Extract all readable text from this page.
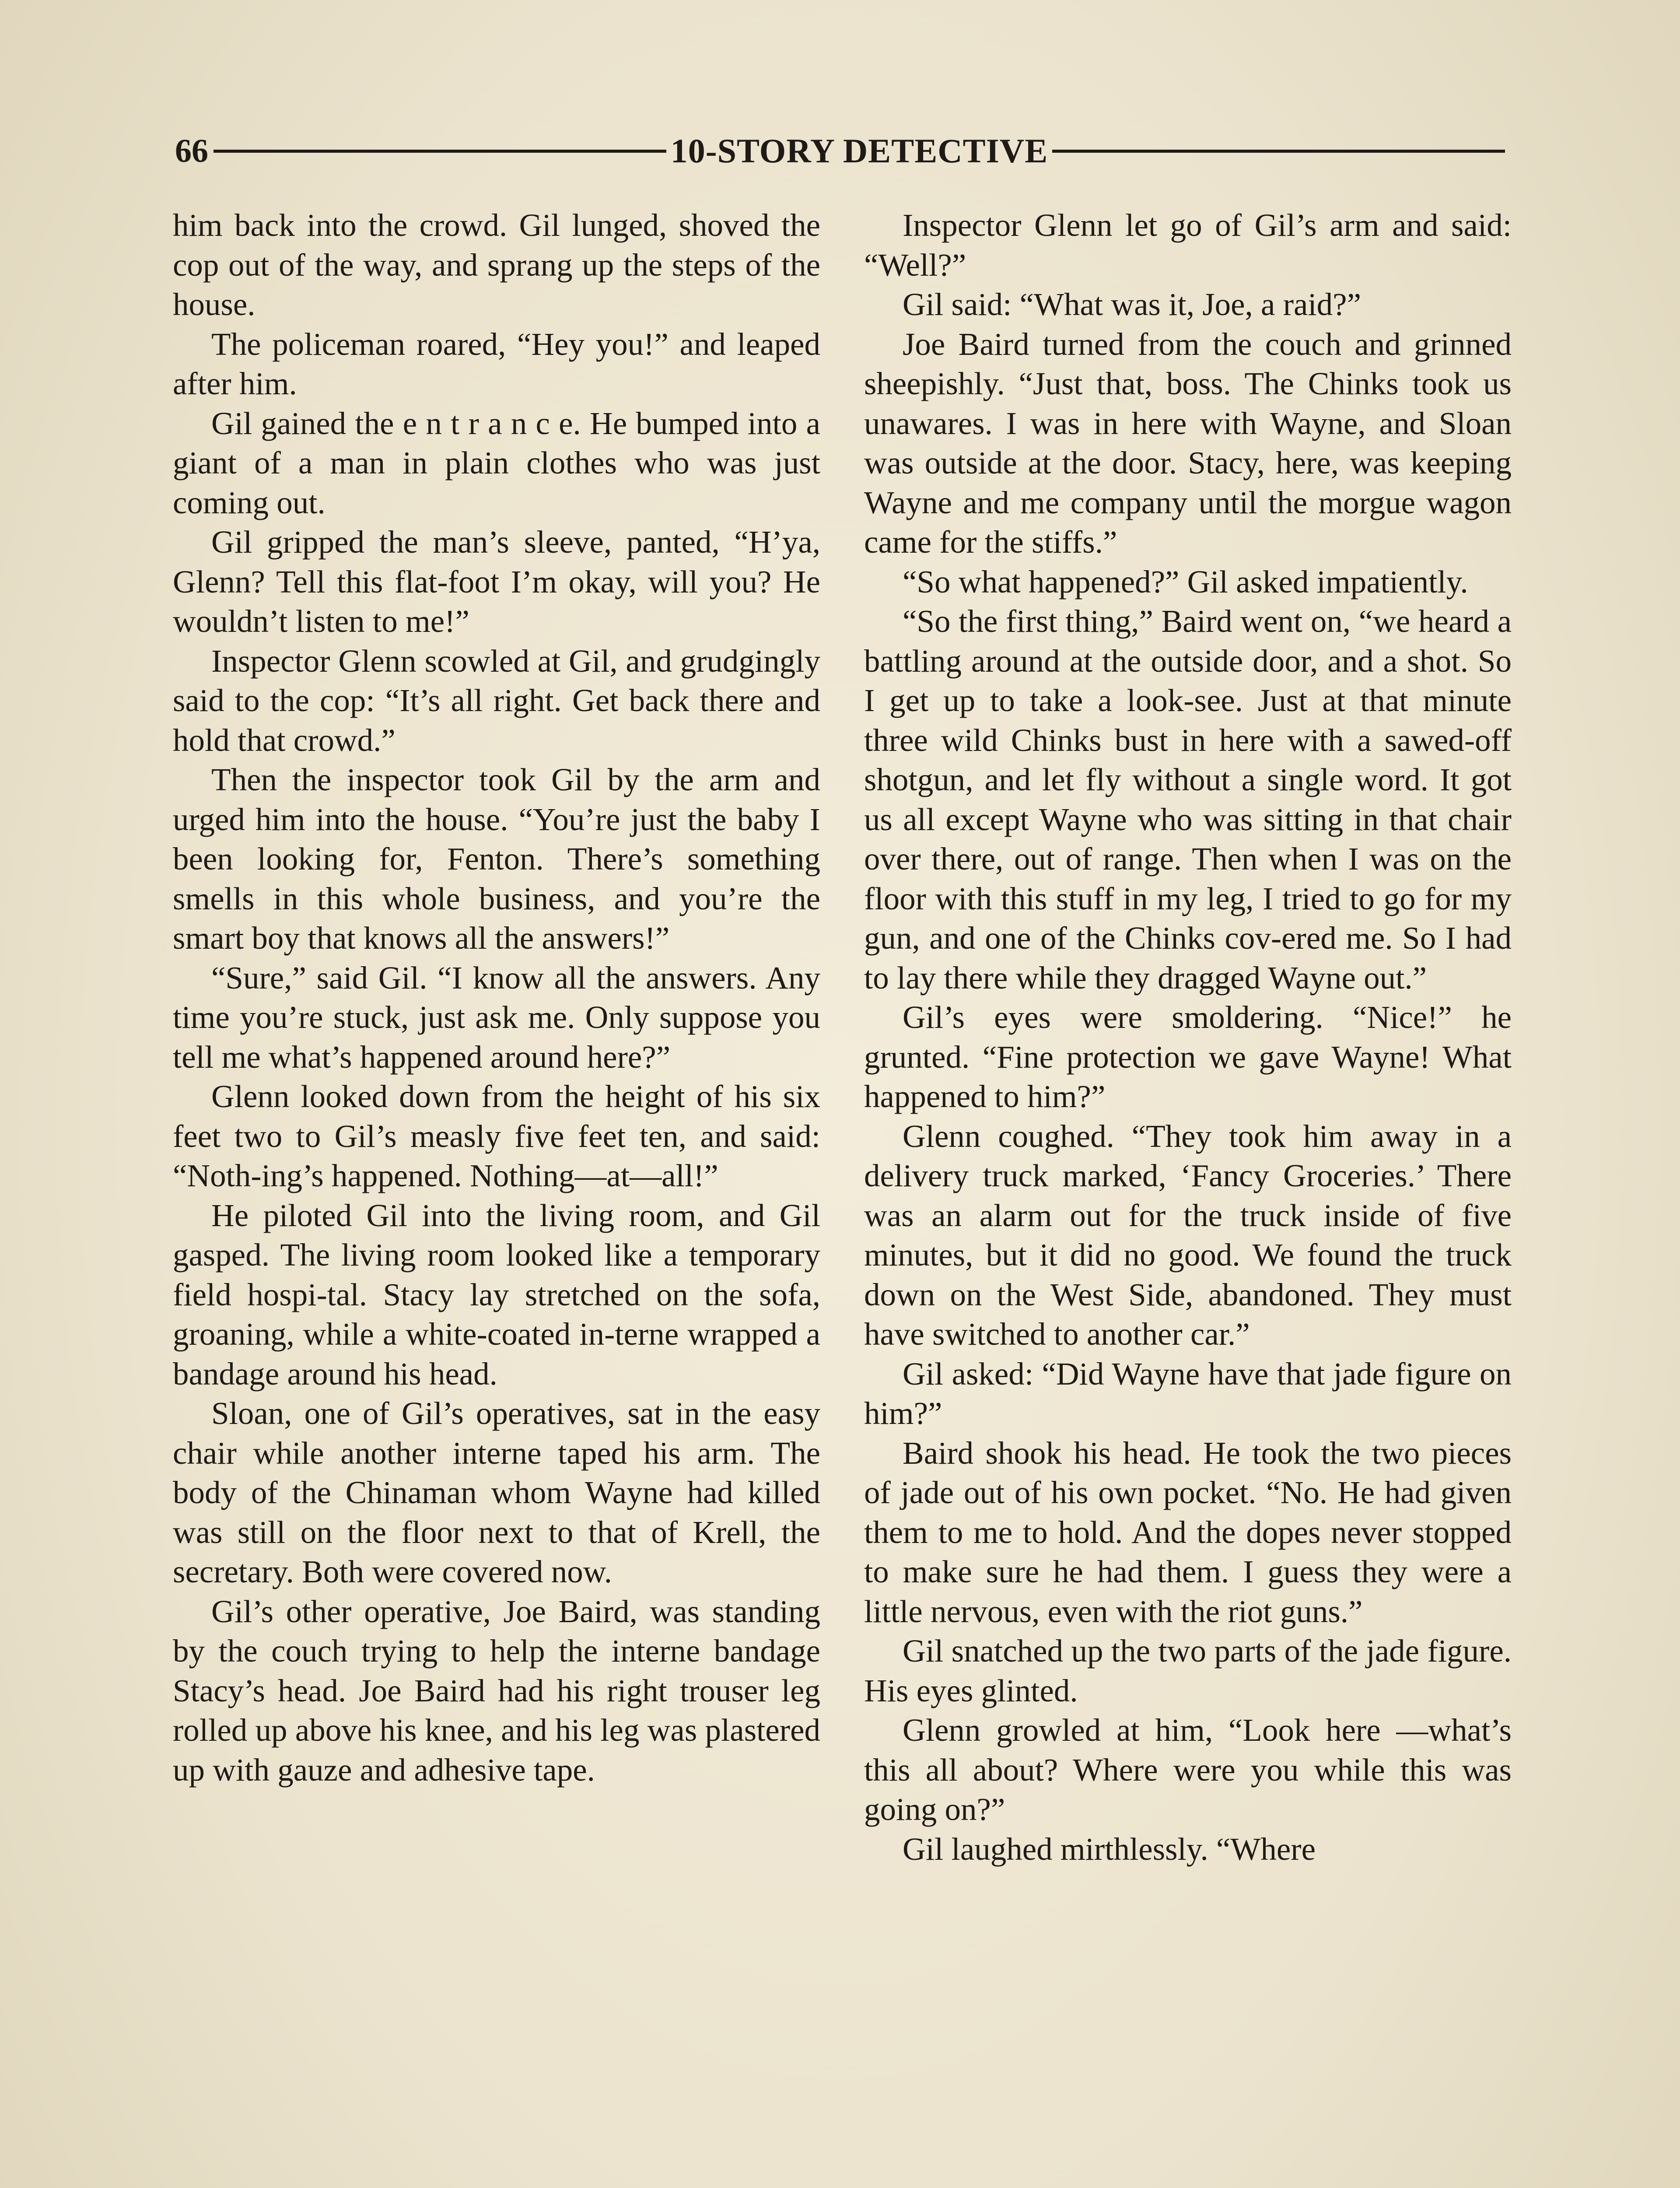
66	10-STORY DETECTIVE

him back into the crowd. Gil lunged, shoved the cop out of the way, and sprang up the steps of the house.

The policeman roared, “Hey you!” and leaped after him.

Gil gained the e n t r a n c e. He bumped into a giant of a man in plain clothes who was just coming out.

Gil gripped the man’s sleeve, panted, “H’ya, Glenn? Tell this flat-foot I’m okay, will you? He wouldn’t listen to me!”

Inspector Glenn scowled at Gil, and grudgingly said to the cop: “It’s all right. Get back there and hold that crowd.”

Then the inspector took Gil by the arm and urged him into the house. “You’re just the baby I been looking for, Fenton. There’s something smells in this whole business, and you’re the smart boy that knows all the answers!”

“Sure,” said Gil. “I know all the answers. Any time you’re stuck, just ask me. Only suppose you tell me what’s happened around here?”

Glenn looked down from the height of his six feet two to Gil’s measly five feet ten, and said: “Noth-ing’s happened. Nothing—at—all!”

He piloted Gil into the living room, and Gil gasped. The living room looked like a temporary field hospi-tal. Stacy lay stretched on the sofa, groaning, while a white-coated in-terne wrapped a bandage around his head.

Sloan, one of Gil’s operatives, sat in the easy chair while another interne taped his arm. The body of the Chinaman whom Wayne had killed was still on the floor next to that of Krell, the secretary. Both were covered now.

Gil’s other operative, Joe Baird, was standing by the couch trying to help the interne bandage Stacy’s head. Joe Baird had his right trouser leg rolled up above his knee, and his leg was plastered up with gauze and adhesive tape.

Inspector Glenn let go of Gil’s arm and said: “Well?”

Gil said: “What was it, Joe, a raid?”

Joe Baird turned from the couch and grinned sheepishly. “Just that, boss. The Chinks took us unawares. I was in here with Wayne, and Sloan was outside at the door. Stacy, here, was keeping Wayne and me company until the morgue wagon came for the stiffs.”

“So what happened?” Gil asked impatiently.

“So the first thing,” Baird went on, “we heard a battling around at the outside door, and a shot. So I get up to take a look-see. Just at that minute three wild Chinks bust in here with a sawed-off shotgun, and let fly without a single word. It got us all except Wayne who was sitting in that chair over there, out of range. Then when I was on the floor with this stuff in my leg, I tried to go for my gun, and one of the Chinks cov-ered me. So I had to lay there while they dragged Wayne out.”

Gil’s eyes were smoldering. “Nice!” he grunted. “Fine protection we gave Wayne! What happened to him?”

Glenn coughed. “They took him away in a delivery truck marked, ‘Fancy Groceries.’ There was an alarm out for the truck inside of five minutes, but it did no good. We found the truck down on the West Side, abandoned. They must have switched to another car.”

Gil asked: “Did Wayne have that jade figure on him?”

Baird shook his head. He took the two pieces of jade out of his own pocket. “No. He had given them to me to hold. And the dopes never stopped to make sure he had them. I guess they were a little nervous, even with the riot guns.”

Gil snatched up the two parts of the jade figure. His eyes glinted.

Glenn growled at him, “Look here —what’s this all about? Where were you while this was going on?”

Gil laughed mirthlessly. “Where
